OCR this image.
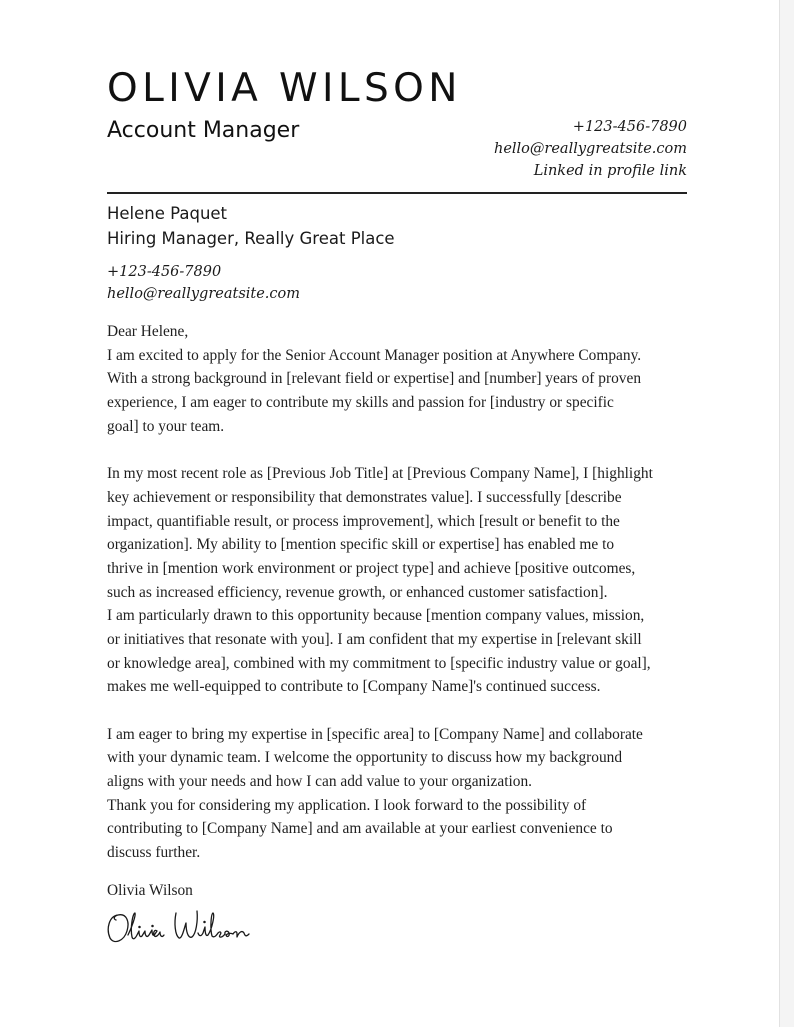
OLIVIA WILSON
Account Manager	+123-456-7890
hello@reallygreatsite.com
Linked in profile link
Helene Paquet
Hiring Manager, Really Great Place
+123-456-7890
hello@reallygreatsite.com
Dear Helene,
I am excited to apply for the Senior Account Manager position at Anywhere Company.
With a strong background in [relevant field or expertise] and [number] years of proven
experience, I am eager to contribute my skills and passion for [industry or specific
goal] to your team.
In my most recent role as [Previous Job Title] at [Previous Company Name], I [highlight
key achievement or responsibility that demonstrates value]. I successfully [describe
impact, quantifiable result, or process improvement], which [result or benefit to the
organization]. My ability to [mention specific skill or expertise] has enabled me to
thrive in [mention work environment or project type] and achieve [positive outcomes,
such as increased efficiency, revenue growth, or enhanced customer satisfaction].
I am particularly drawn to this opportunity because [mention company values, mission,
or initiatives that resonate with you]. I am confident that my expertise in [relevant skill
or knowledge area], combined with my commitment to [specific industry value or goal],
makes me well-equipped to contribute to [Company Name]'s continued success.
I am eager to bring my expertise in [specific area] to [Company Name] and collaborate
with your dynamic team. I welcome the opportunity to discuss how my background
aligns with your needs and how I can add value to your organization.
Thank you for considering my application. I look forward to the possibility of
contributing to [Company Name] and am available at your earliest convenience to
discuss further.
Olivia Wilson
